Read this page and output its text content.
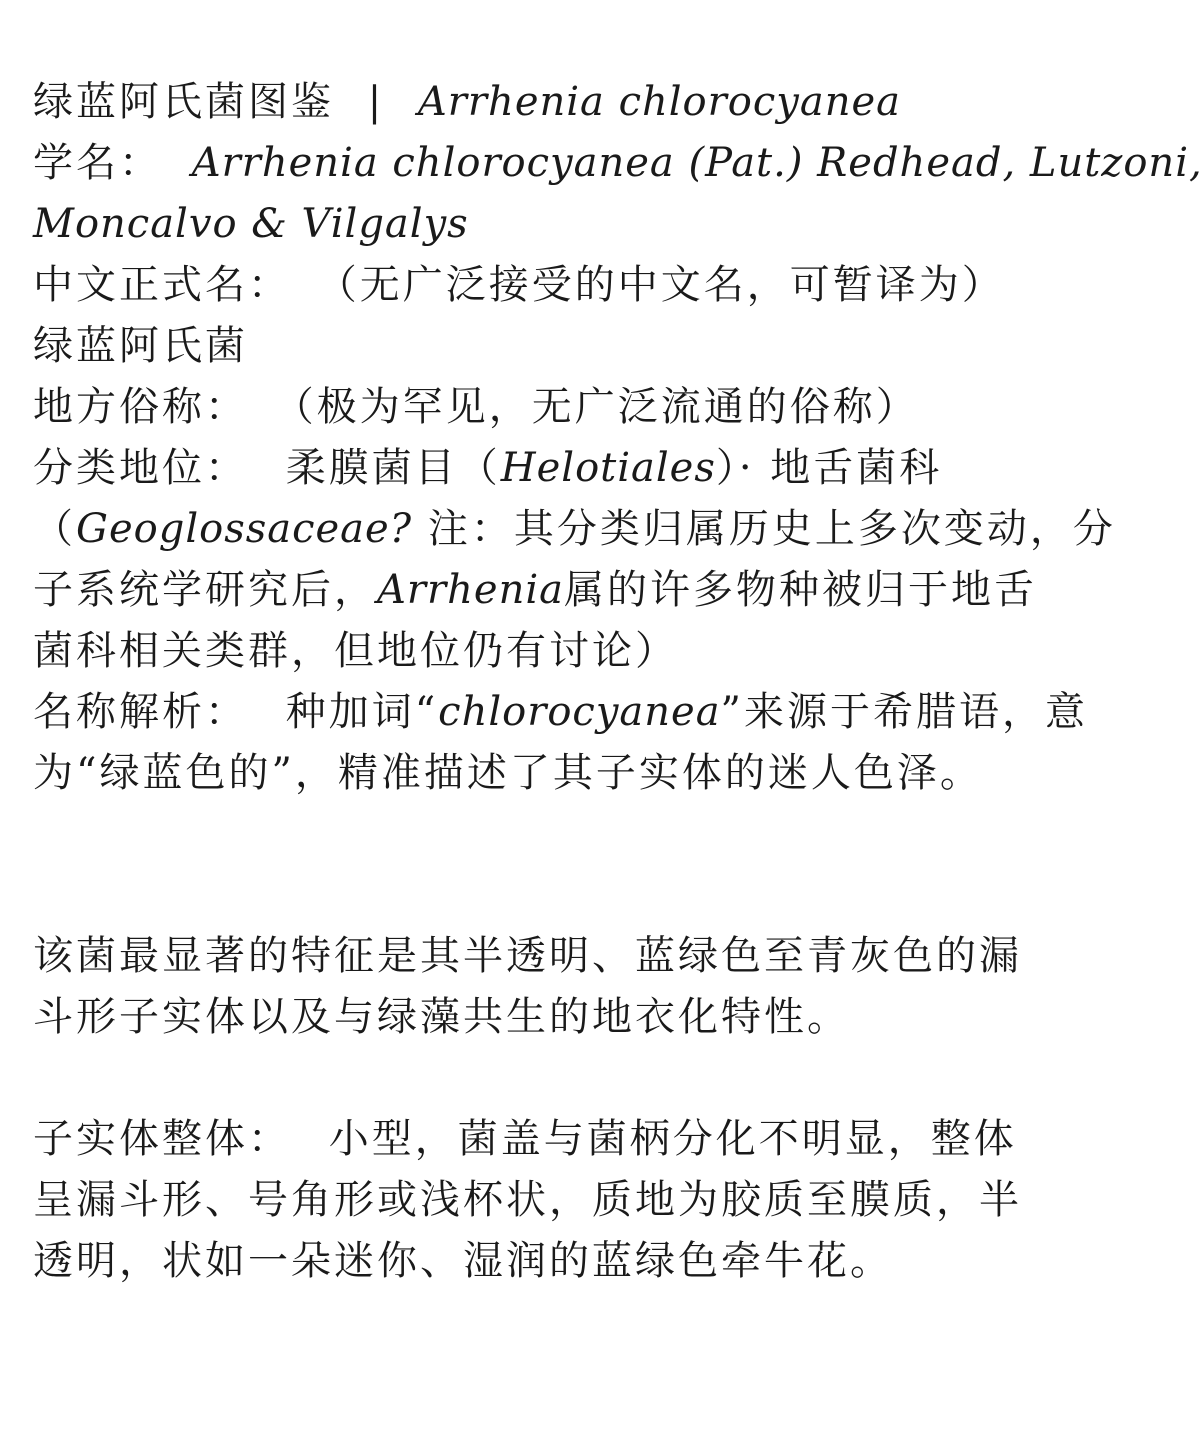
绿蓝阿氏菌图鉴 | Arrhenia chlorocyanea
学名： Arrhenia chlorocyanea (Pat.) Redhead, Lutzoni,
Moncalvo & Vilgalys
中文正式名： （无广泛接受的中文名，可暂译为）
绿蓝阿氏菌
地方俗称： （极为罕见，无广泛流通的俗称）
分类地位： 柔膜菌目（Helotiales）· 地舌菌科
（Geoglossaceae? 注：其分类归属历史上多次变动，分
子系统学研究后，Arrhenia属的许多物种被归于地舌
菌科相关类群，但地位仍有讨论）
名称解析： 种加词“chlorocyanea”来源于希腊语，意
为“绿蓝色的”，精准描述了其子实体的迷人色泽。
该菌最显著的特征是其半透明、蓝绿色至青灰色的漏
斗形子实体以及与绿藻共生的地衣化特性。
子实体整体： 小型，菌盖与菌柄分化不明显，整体
呈漏斗形、号角形或浅杯状，质地为胶质至膜质，半
透明，状如一朵迷你、湿润的蓝绿色牵牛花。
